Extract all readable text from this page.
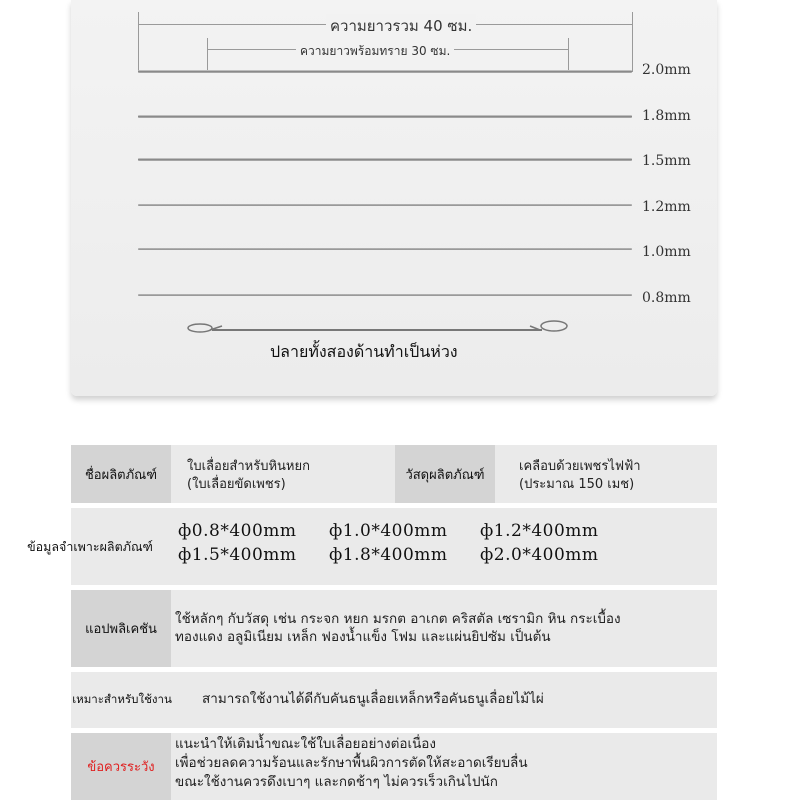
ความยาวรวม 40 ซม.
ความยาวพร้อมทราย 30 ซม.
2.0mm
1.8mm
1.5mm
1.2mm
1.0mm
0.8mm
ปลายทั้งสองด้านทำเป็นห่วง
ชื่อผลิตภัณฑ์
ใบเลื่อยสำหรับหินหยก
(ใบเลื่อยขัดเพชร)
วัสดุผลิตภัณฑ์
เคลือบด้วยเพชรไฟฟ้า
(ประมาณ 150 เมช)
ข้อมูลจำเพาะผลิตภัณฑ์
ф0.8*400mm ф1.0*400mm ф1.2*400mm
ф1.5*400mm ф1.8*400mm ф2.0*400mm
แอปพลิเคชัน
ใช้หลักๆ กับวัสดุ เช่น กระจก หยก มรกต อาเกต คริสตัล เซรามิก หิน กระเบื้อง
ทองแดง อลูมิเนียม เหล็ก ฟองน้ำแข็ง โฟม และแผ่นยิปซัม เป็นต้น
เหมาะสำหรับใช้งาน	สามารถใช้งานได้ดีกับคันธนูเลื่อยเหล็กหรือคันธนูเลื่อยไม้ไผ่
ข้อควรระวัง
แนะนำให้เติมน้ำขณะใช้ใบเลื่อยอย่างต่อเนื่อง
เพื่อช่วยลดความร้อนและรักษาพื้นผิวการตัดให้สะอาดเรียบลื่น
ขณะใช้งานควรดึงเบาๆ และกดช้าๆ ไม่ควรเร็วเกินไปนัก
